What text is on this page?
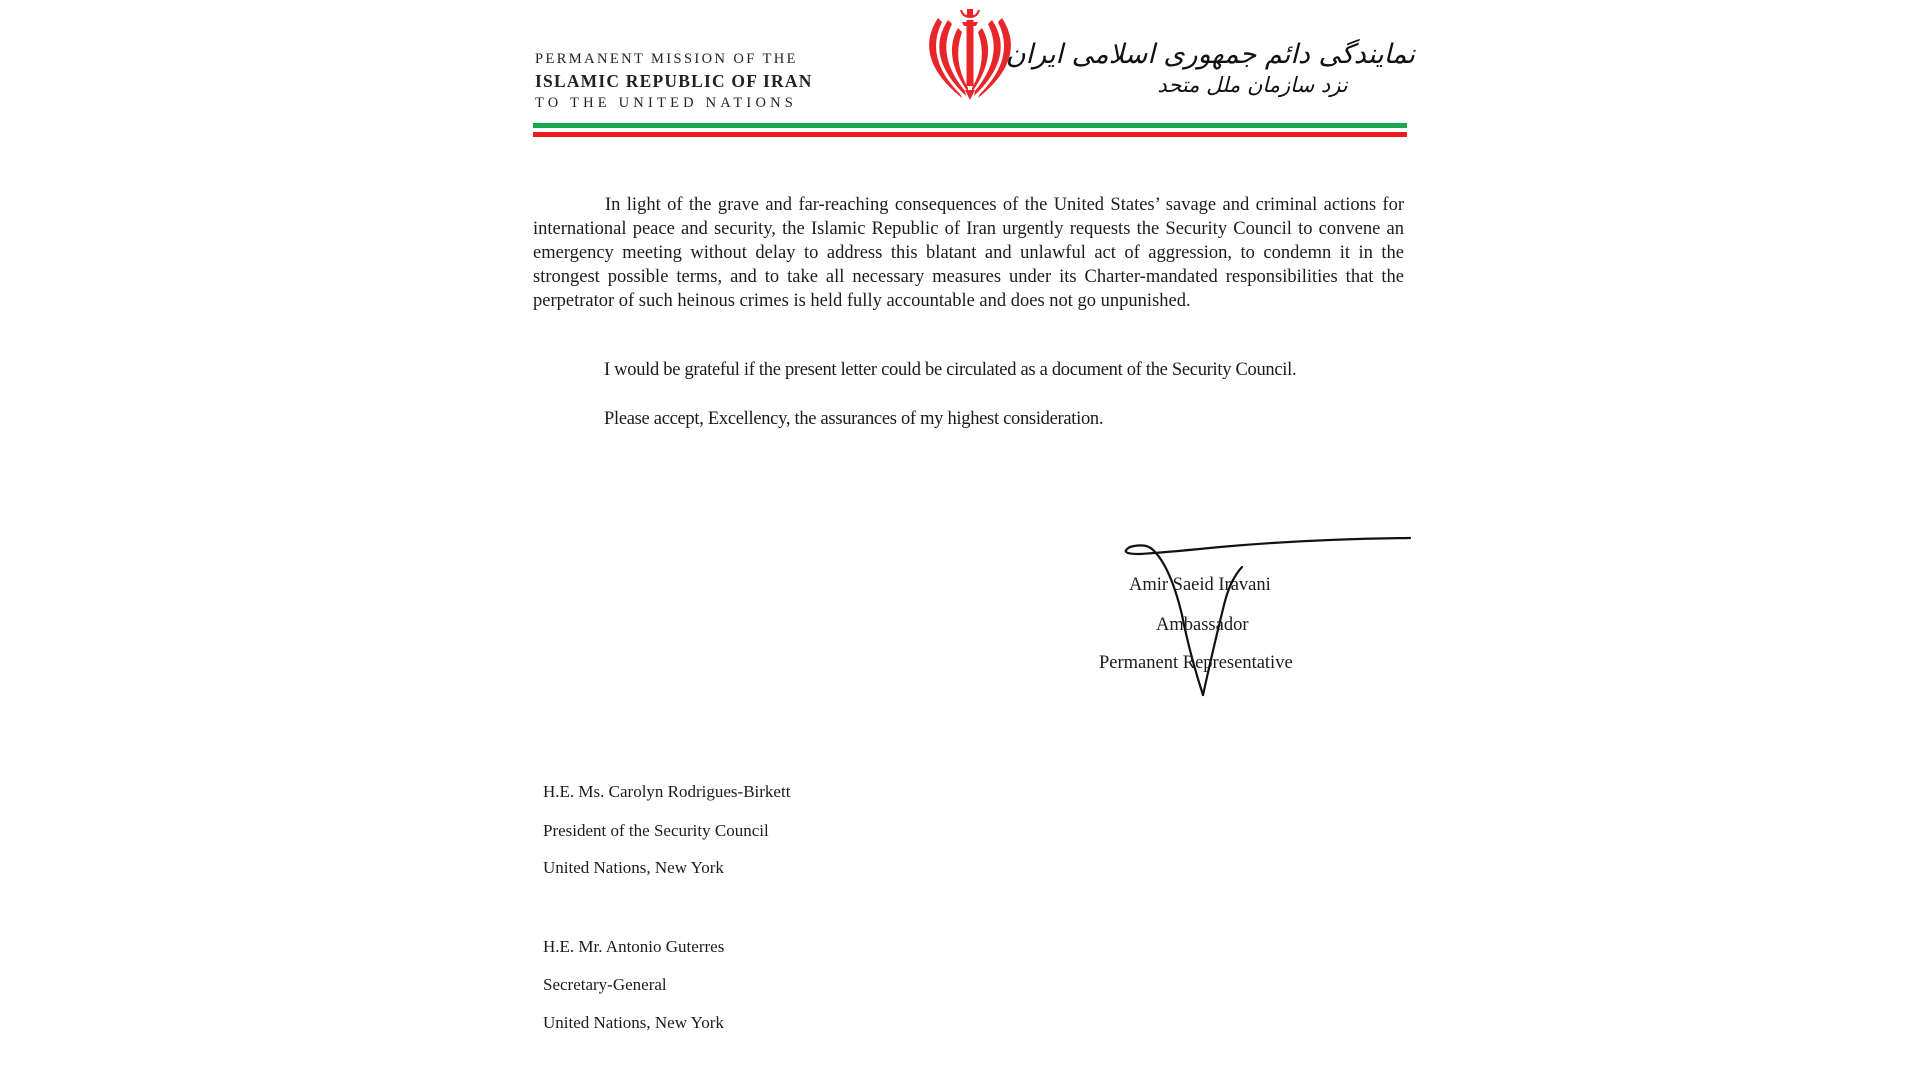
PERMANENT MISSION OF THE
ISLAMIC REPUBLIC OF IRAN
TO THE UNITED NATIONS
نمایندگی دائم جمهوری اسلامی ایران
نزد سازمان ملل متحد

In light of the grave and far-reaching consequences of the United States’ savage and criminal actions for international peace and security, the Islamic Republic of Iran urgently requests the Security Council to convene an emergency meeting without delay to address this blatant and unlawful act of aggression, to condemn it in the strongest possible terms, and to take all necessary measures under its Charter-mandated responsibilities that the perpetrator of such heinous crimes is held fully accountable and does not go unpunished.

I would be grateful if the present letter could be circulated as a document of the Security Council.
Please accept, Excellency, the assurances of my highest consideration.
Amir Saeid Iravani
Ambassador
Permanent Representative
H.E. Ms. Carolyn Rodrigues-Birkett
President of the Security Council
United Nations, New York
H.E. Mr. Antonio Guterres
Secretary-General
United Nations, New York
